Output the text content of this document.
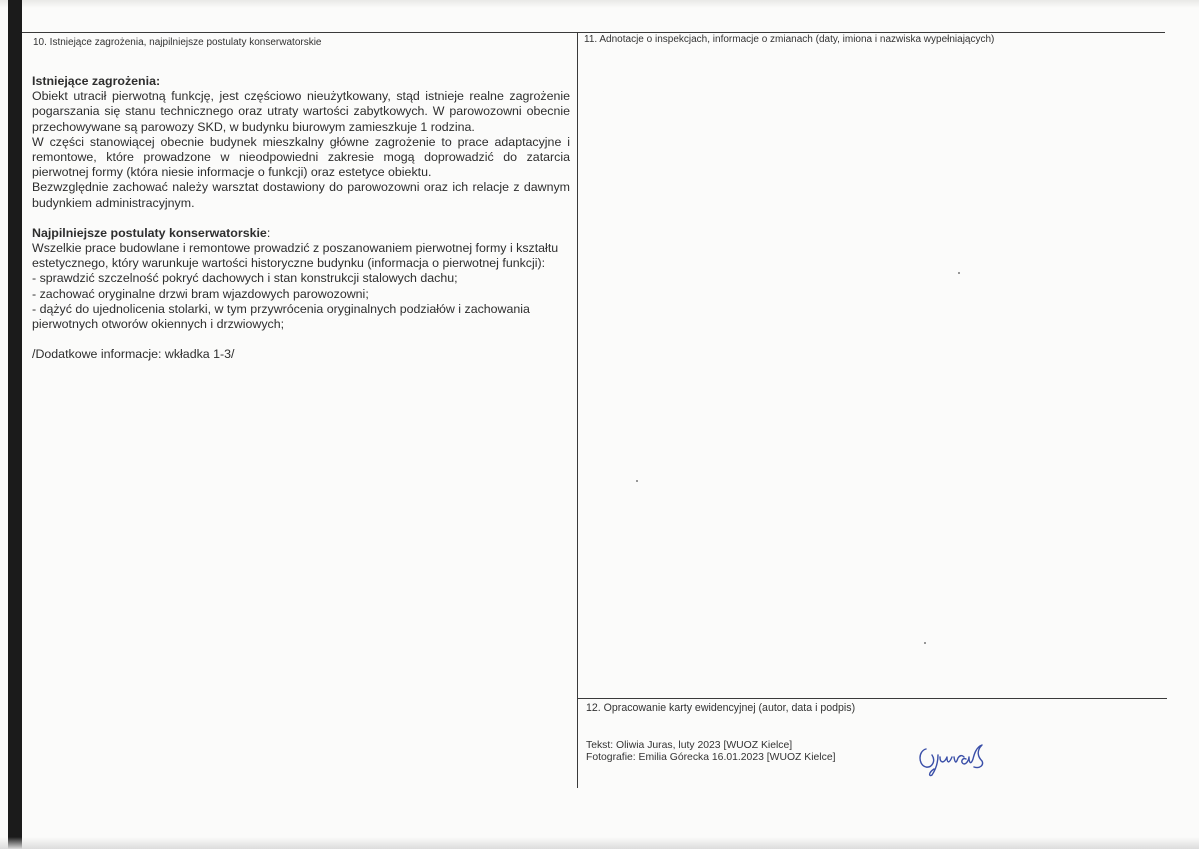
10. Istniejące zagrożenia, najpilniejsze postulaty konserwatorskie	11. Adnotacje o inspekcjach, informacje o zmianach (daty, imiona i nazwiska wypełniających)
12. Opracowanie karty ewidencyjnej (autor, data i podpis)
Istniejące zagrożenia:

Obiekt utracił pierwotną funkcję, jest częściowo nieużytkowany, stąd istnieje realne zagrożenie pogarszania się stanu technicznego oraz utraty wartości zabytkowych. W parowozowni obecnie przechowywane są parowozy SKD, w budynku biurowym zamieszkuje 1 rodzina.

W części stanowiącej obecnie budynek mieszkalny główne zagrożenie to prace adaptacyjne i remontowe, które prowadzone w nieodpowiedni zakresie mogą doprowadzić do zatarcia pierwotnej formy (która niesie informacje o funkcji) oraz estetyce obiektu.

Bezwzględnie zachować należy warsztat dostawiony do parowozowni oraz ich relacje z dawnym budynkiem administracyjnym.

Najpilniejsze postulaty konserwatorskie:

Wszelkie prace budowlane i remontowe prowadzić z poszanowaniem pierwotnej formy i kształtu estetycznego, który warunkuje wartości historyczne budynku (informacja o pierwotnej funkcji):

- sprawdzić szczelność pokryć dachowych i stan konstrukcji stalowych dachu;

- zachować oryginalne drzwi bram wjazdowych parowozowni;

- dążyć do ujednolicenia stolarki, w tym przywrócenia oryginalnych podziałów i zachowania pierwotnych otworów okiennych i drzwiowych;

/Dodatkowe informacje: wkładka 1-3/

Tekst: Oliwia Juras, luty 2023 [WUOZ Kielce]
Fotografie: Emilia Górecka 16.01.2023 [WUOZ Kielce]
